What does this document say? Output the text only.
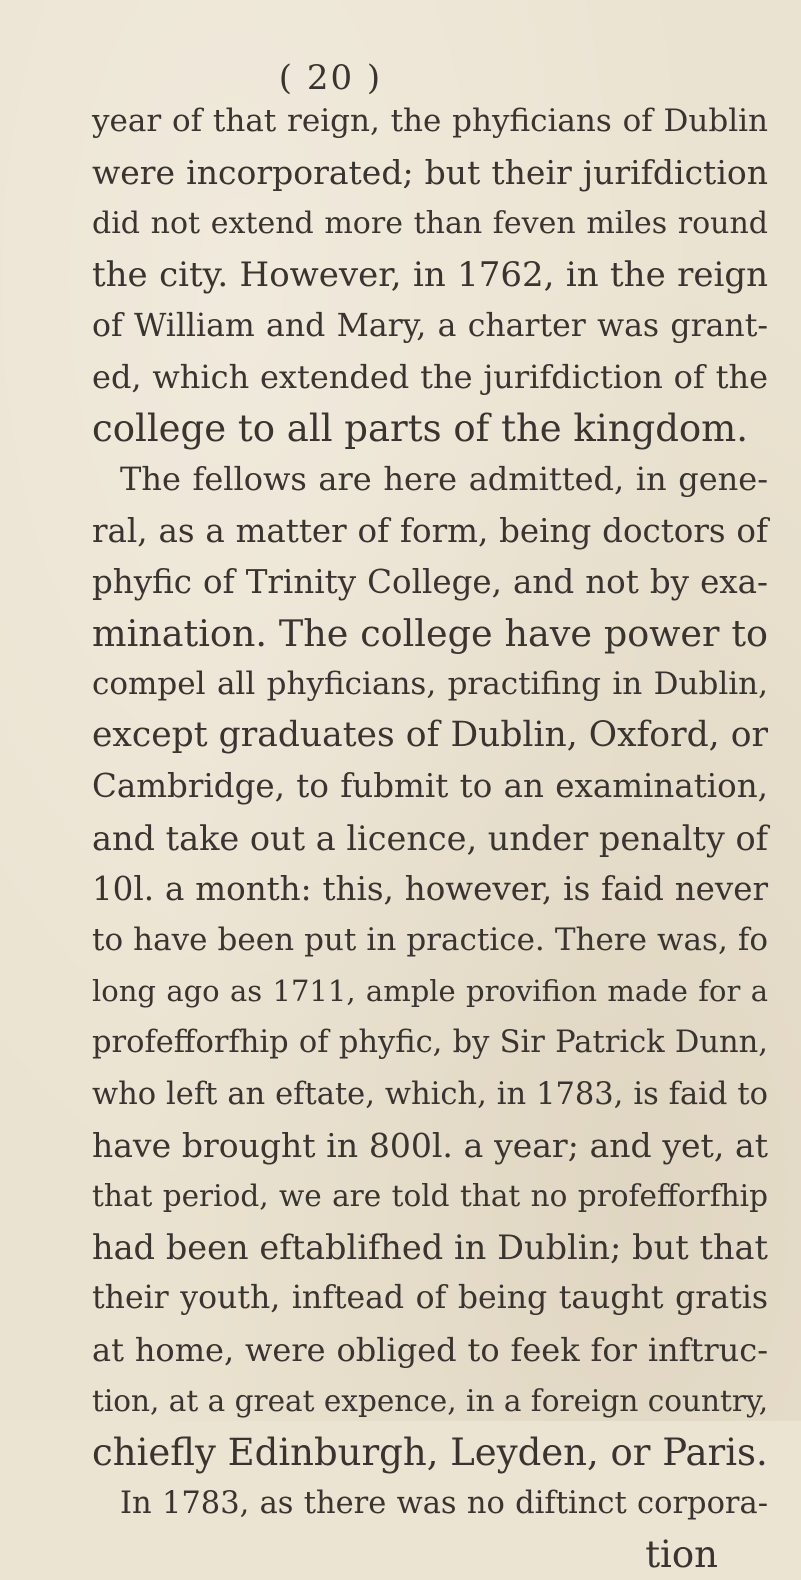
( 20 )
year of that reign, the phyficians of Dublin
were incorporated; but their jurifdiction
did not extend more than feven miles round
the city. However, in 1762, in the reign
of William and Mary, a charter was grant-
ed, which extended the jurifdiction of the
college to all parts of the kingdom.
The fellows are here admitted, in gene-
ral, as a matter of form, being doctors of
phyfic of Trinity College, and not by exa-
mination. The college have power to
compel all phyficians, practifing in Dublin,
except graduates of Dublin, Oxford, or
Cambridge, to fubmit to an examination,
and take out a licence, under penalty of
10l. a month: this, however, is faid never
to have been put in practice. There was, fo
long ago as 1711, ample provifion made for a
profefforfhip of phyfic, by Sir Patrick Dunn,
who left an eftate, which, in 1783, is faid to
have brought in 800l. a year; and yet, at
that period, we are told that no profefforfhip
had been eftablifhed in Dublin; but that
their youth, inftead of being taught gratis
at home, were obliged to feek for inftruc-
tion, at a great expence, in a foreign country,
chiefly Edinburgh, Leyden, or Paris.
In 1783, as there was no diftinct corpora-
tion
